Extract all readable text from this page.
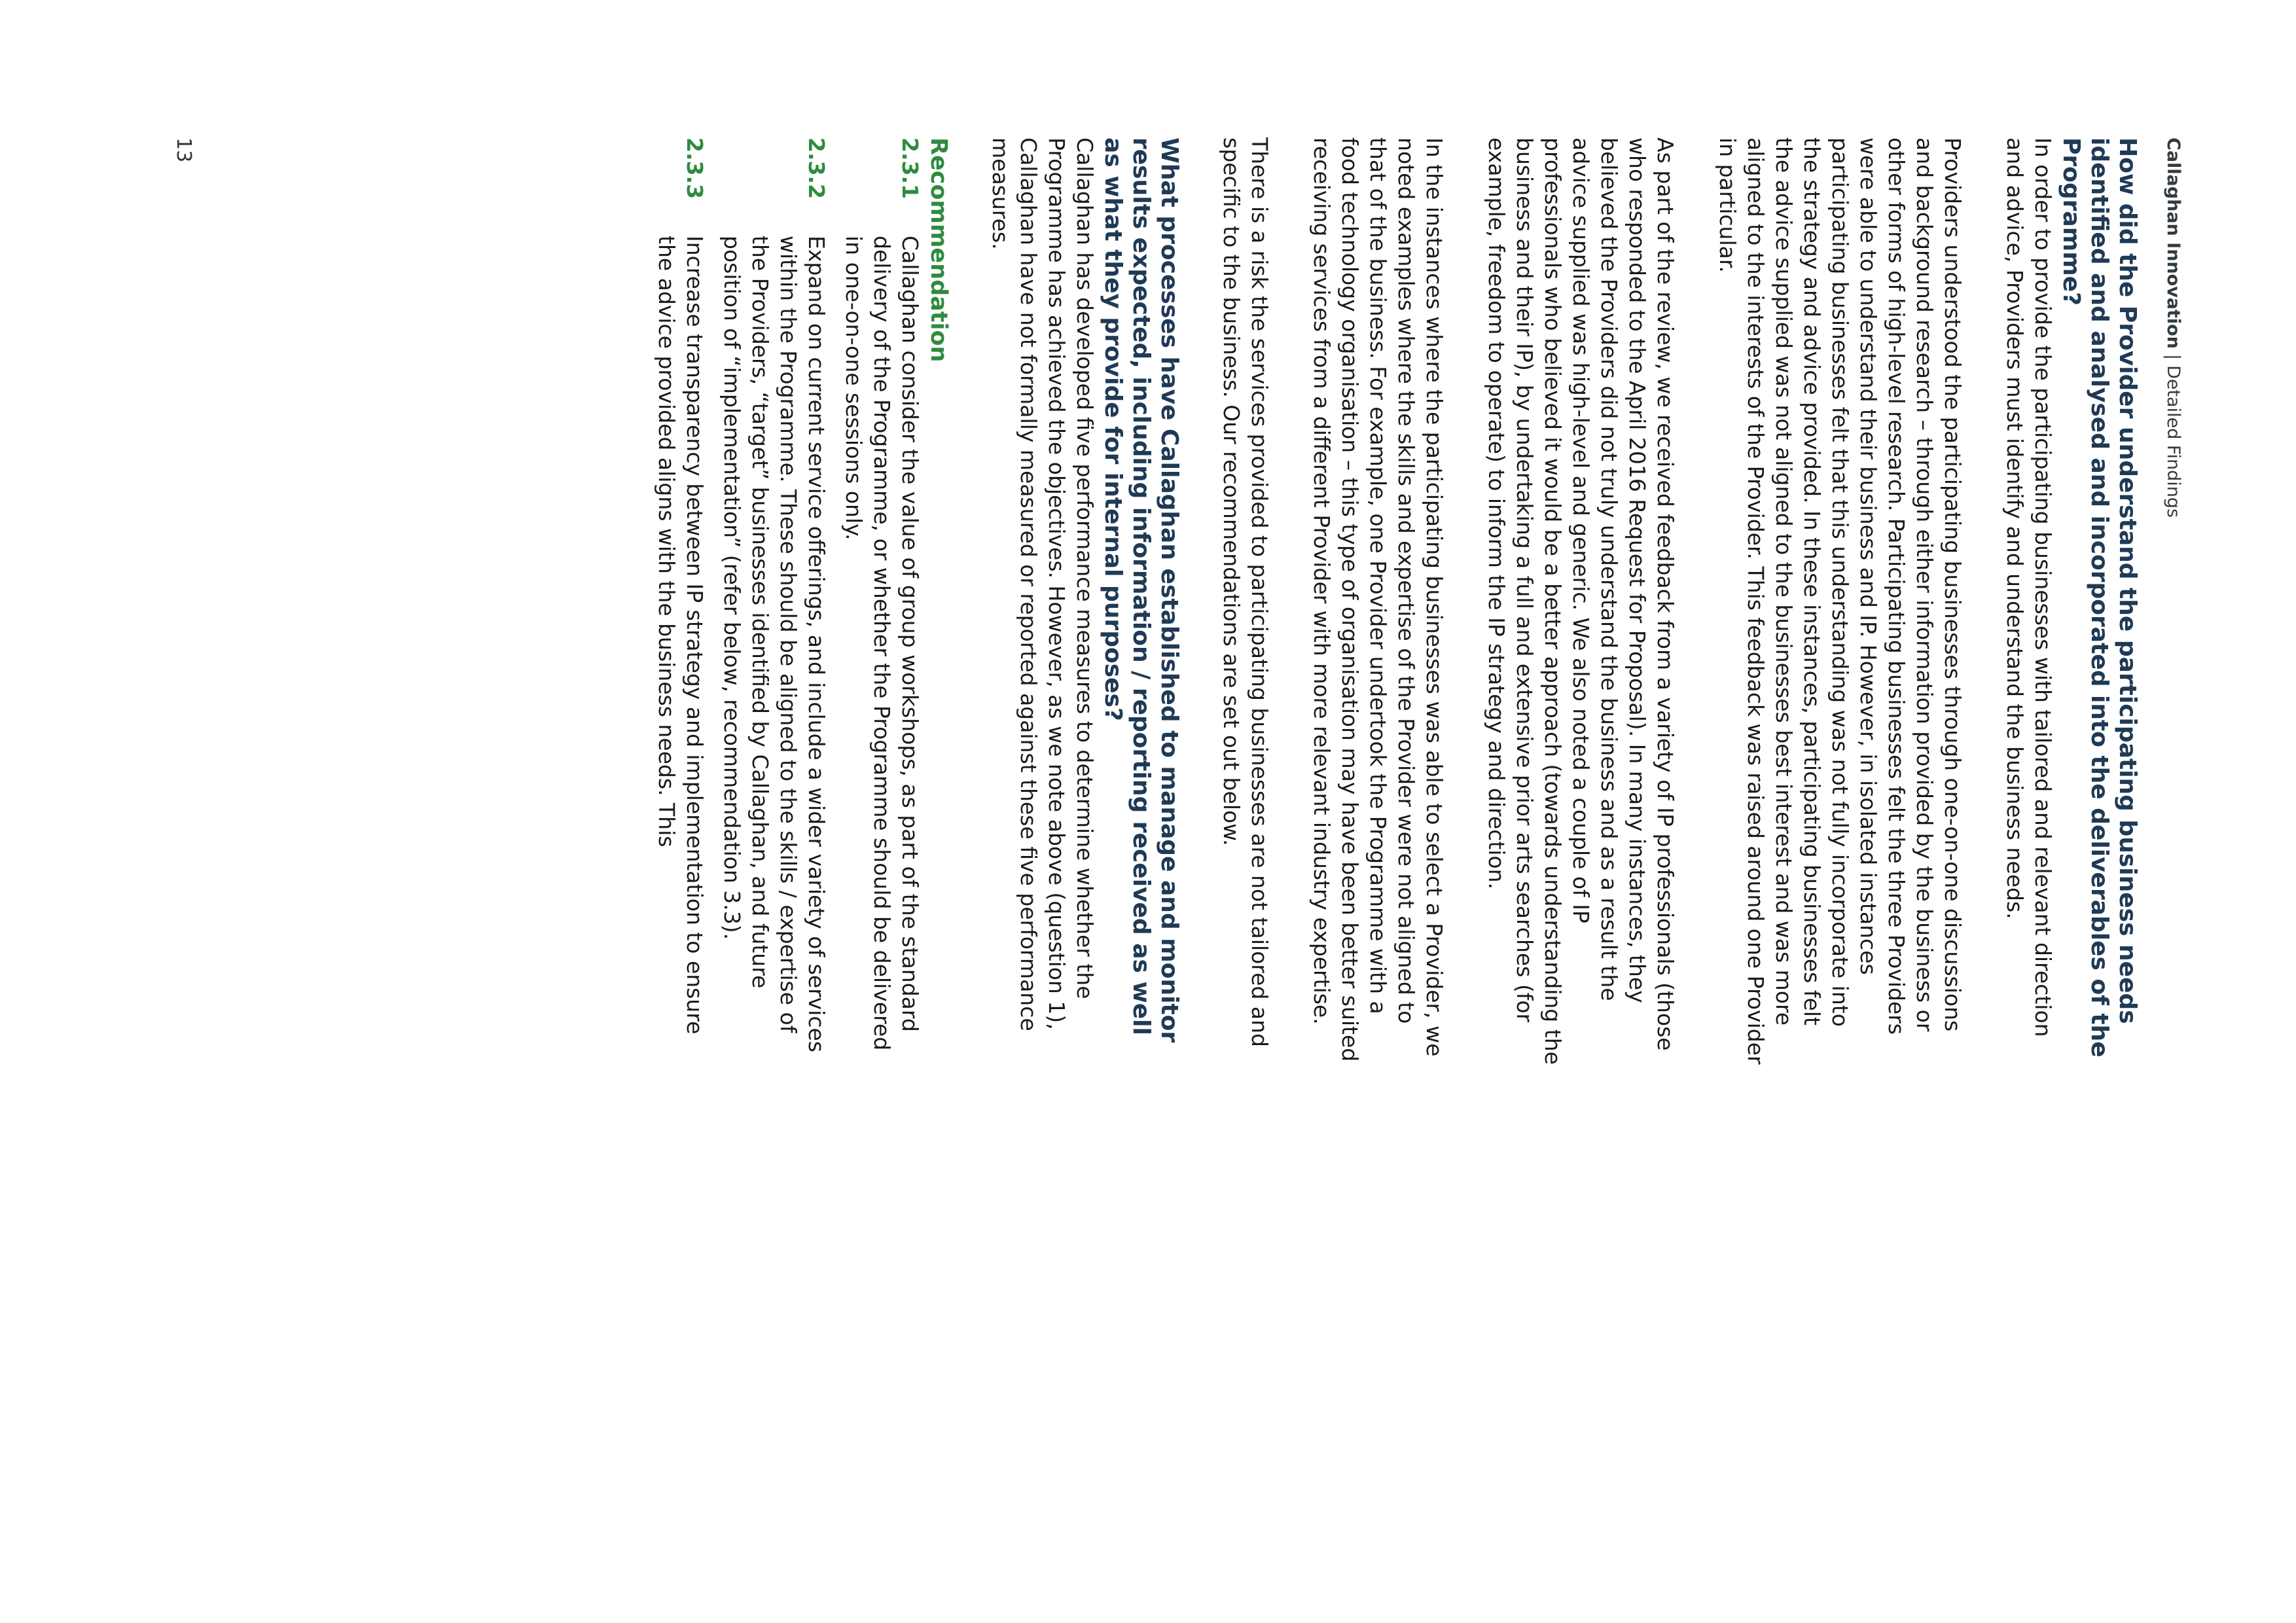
Callaghan Innovation|Detailed Findings
How did the Provider understand the participating business needs identified and analysed and incorporated into the deliverables of the Programme?

In order to provide the participating businesses with tailored and relevant direction and advice, Providers must identify and understand the business needs.

Providers understood the participating businesses through one-on-one discussions and background research – through either information provided by the business or other forms of high-level research. Participating businesses felt the three Providers were able to understand their business and IP. However, in isolated instances participating businesses felt that this understanding was not fully incorporate into the strategy and advice provided. In these instances, participating businesses felt the advice supplied was not aligned to the businesses best interest and was more aligned to the interests of the Provider. This feedback was raised around one Provider in particular.

As part of the review, we received feedback from a variety of IP professionals (those who responded to the April 2016 Request for Proposal). In many instances, they believed the Providers did not truly understand the business and as a result the advice supplied was high-level and generic. We also noted a couple of IP professionals who believed it would be a better approach (towards understanding the business and their IP), by undertaking a full and extensive prior arts searches (for example, freedom to operate) to inform the IP strategy and direction.

In the instances where the participating businesses was able to select a Provider, we noted examples where the skills and expertise of the Provider were not aligned to that of the business. For example, one Provider undertook the Programme with a food technology organisation – this type of organisation may have been better suited receiving services from a different Provider with more relevant industry expertise.

There is a risk the services provided to participating businesses are not tailored and specific to the business. Our recommendations are set out below.

What processes have Callaghan established to manage and monitor results expected, including information / reporting received as well as what they provide for internal purposes?

Callaghan has developed five performance measures to determine whether the Programme has achieved the objectives. However, as we note above (question 1), Callaghan have not formally measured or reported against these five performance measures.

Recommendation
2.3.1
Callaghan consider the value of group workshops, as part of the standard delivery of the Programme, or whether the Programme should be delivered in one-on-one sessions only.
2.3.2
Expand on current service offerings, and include a wider variety of services within the Programme. These should be aligned to the skills / expertise of the Providers, “target” businesses identified by Callaghan, and future position of “implementation” (refer below, recommendation 3.3).
2.3.3
Increase transparency between IP strategy and implementation to ensure the advice provided aligns with the business needs. This
13
